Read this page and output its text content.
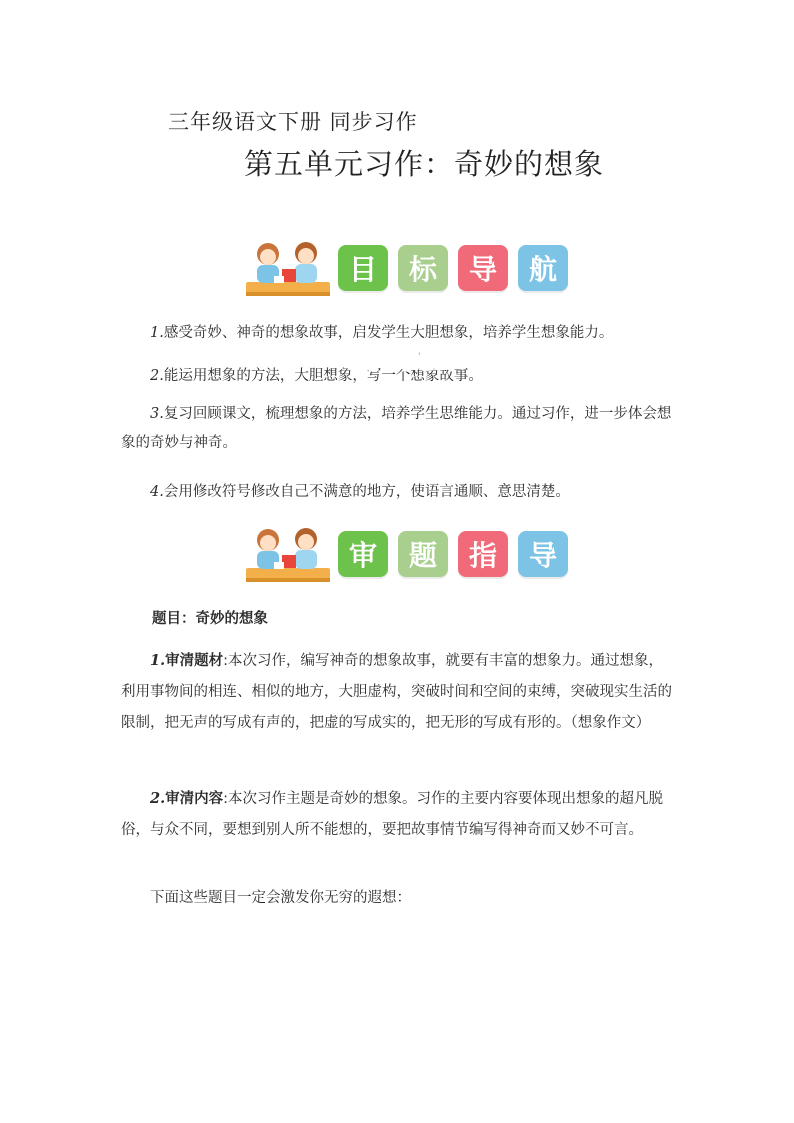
三年级语文下册 同步习作
第五单元习作：奇妙的想象
目	标	导	航
1.感受奇妙、神奇的想象故事，启发学生大胆想象，培养学生想象能力。
2.能运用想象的方法，大胆想象，写一个想象故事。
奇妙的想象
3.复习回顾课文，梳理想象的方法，培养学生思维能力。通过习作，进一步体会想象的奇妙与神奇。
4.会用修改符号修改自己不满意的地方，使语言通顺、意思清楚。
审	题	指	导
题目：奇妙的想象
1.审清题材:本次习作，编写神奇的想象故事，就要有丰富的想象力。通过想象，利用事物间的相连、相似的地方，大胆虚构，突破时间和空间的束缚，突破现实生活的限制，把无声的写成有声的，把虚的写成实的，把无形的写成有形的。（想象作文）
2.审清内容:本次习作主题是奇妙的想象。习作的主要内容要体现出想象的超凡脱俗，与众不同，要想到别人所不能想的，要把故事情节编写得神奇而又妙不可言。
下面这些题目一定会激发你无穷的遐想：
